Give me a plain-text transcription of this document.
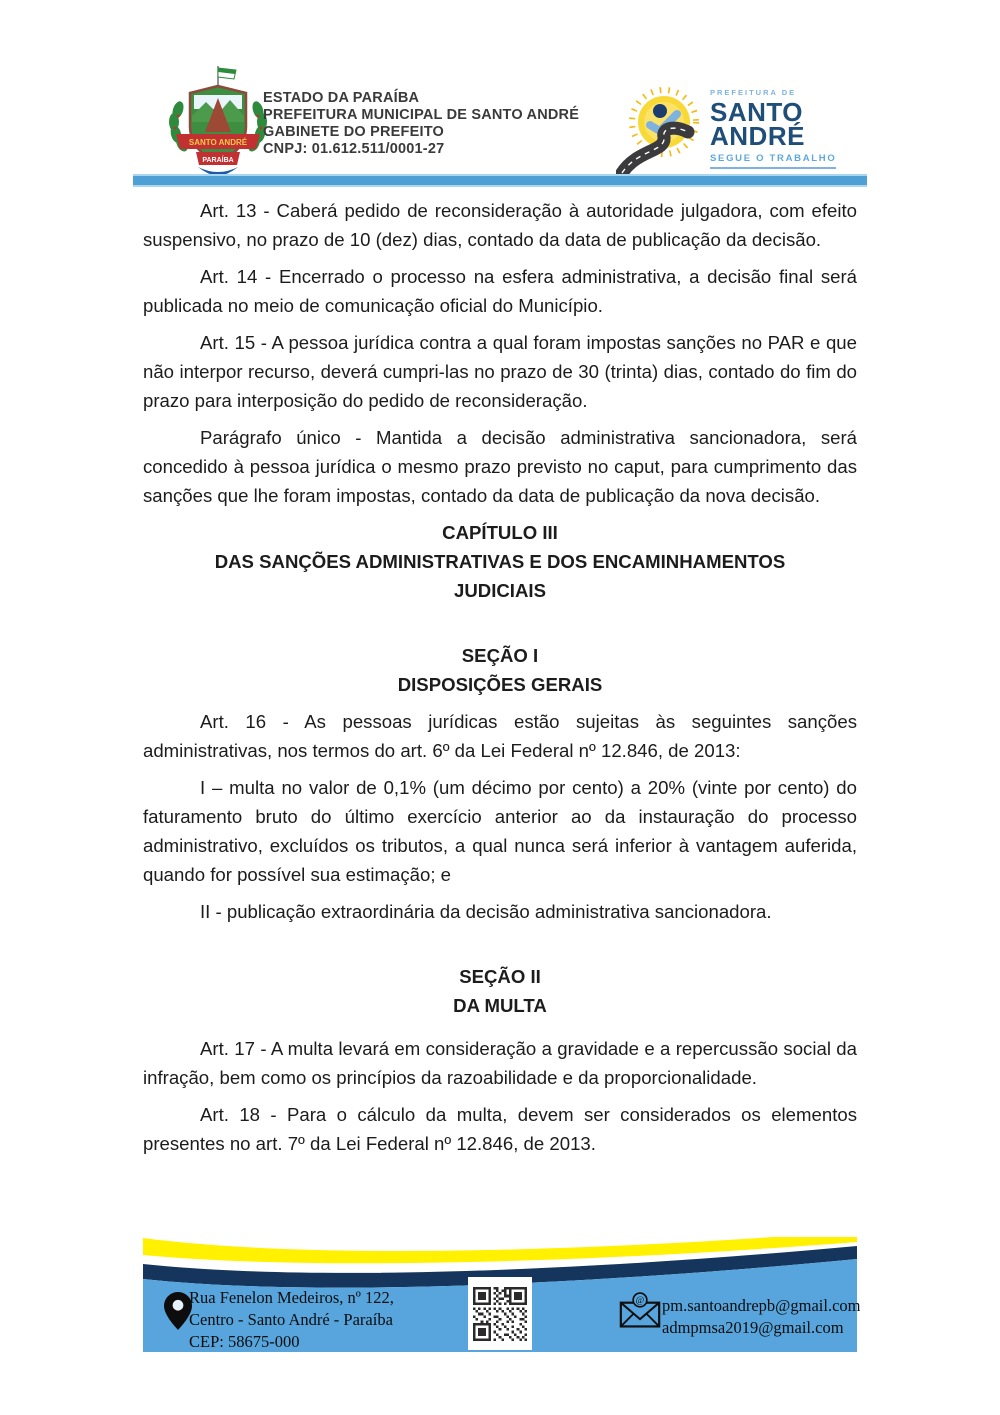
SANTO ANDRÉ
PARAÍBA
ESTADO DA PARAÍBA
PREFEITURA MUNICIPAL DE SANTO ANDRÉ
GABINETE DO PREFEITO
CNPJ: 01.612.511/0001-27
PREFEITURA DE
SANTO
ANDRÉ
SEGUE O TRABALHO

Art. 13 - Caberá pedido de reconsideração à autoridade julgadora, com efeito suspensivo, no prazo de 10 (dez) dias, contado da data de publicação da decisão.

Art. 14 - Encerrado o processo na esfera administrativa, a decisão final será publicada no meio de comunicação oficial do Município.

Art. 15 - A pessoa jurídica contra a qual foram impostas sanções no PAR e que não interpor recurso, deverá cumpri-las no prazo de 30 (trinta) dias, contado do fim do prazo para interposição do pedido de reconsideração.

Parágrafo único - Mantida a decisão administrativa sancionadora, será concedido à pessoa jurídica o mesmo prazo previsto no caput, para cumprimento das sanções que lhe foram impostas, contado da data de publicação da nova decisão.

CAPÍTULO III
DAS SANÇÕES ADMINISTRATIVAS E DOS ENCAMINHAMENTOS
JUDICIAIS
SEÇÃO I
DISPOSIÇÕES GERAIS

Art. 16 - As pessoas jurídicas estão sujeitas às seguintes sanções administrativas, nos termos do art. 6º da Lei Federal nº 12.846, de 2013:

I – multa no valor de 0,1% (um décimo por cento) a 20% (vinte por cento) do faturamento bruto do último exercício anterior ao da instauração do processo administrativo, excluídos os tributos, a qual nunca será inferior à vantagem auferida, quando for possível sua estimação; e

II - publicação extraordinária da decisão administrativa sancionadora.

SEÇÃO II
DA MULTA

Art. 17 - A multa levará em consideração a gravidade e a repercussão social da infração, bem como os princípios da razoabilidade e da proporcionalidade.

Art. 18 - Para o cálculo da multa, devem ser considerados os elementos presentes no art. 7º da Lei Federal nº 12.846, de 2013.

Rua Fenelon Medeiros, nº 122,
Centro - Santo André - Paraíba
CEP: 58675-000
@ pm.santoandrepb@gmail.com
admpmsa2019@gmail.com
